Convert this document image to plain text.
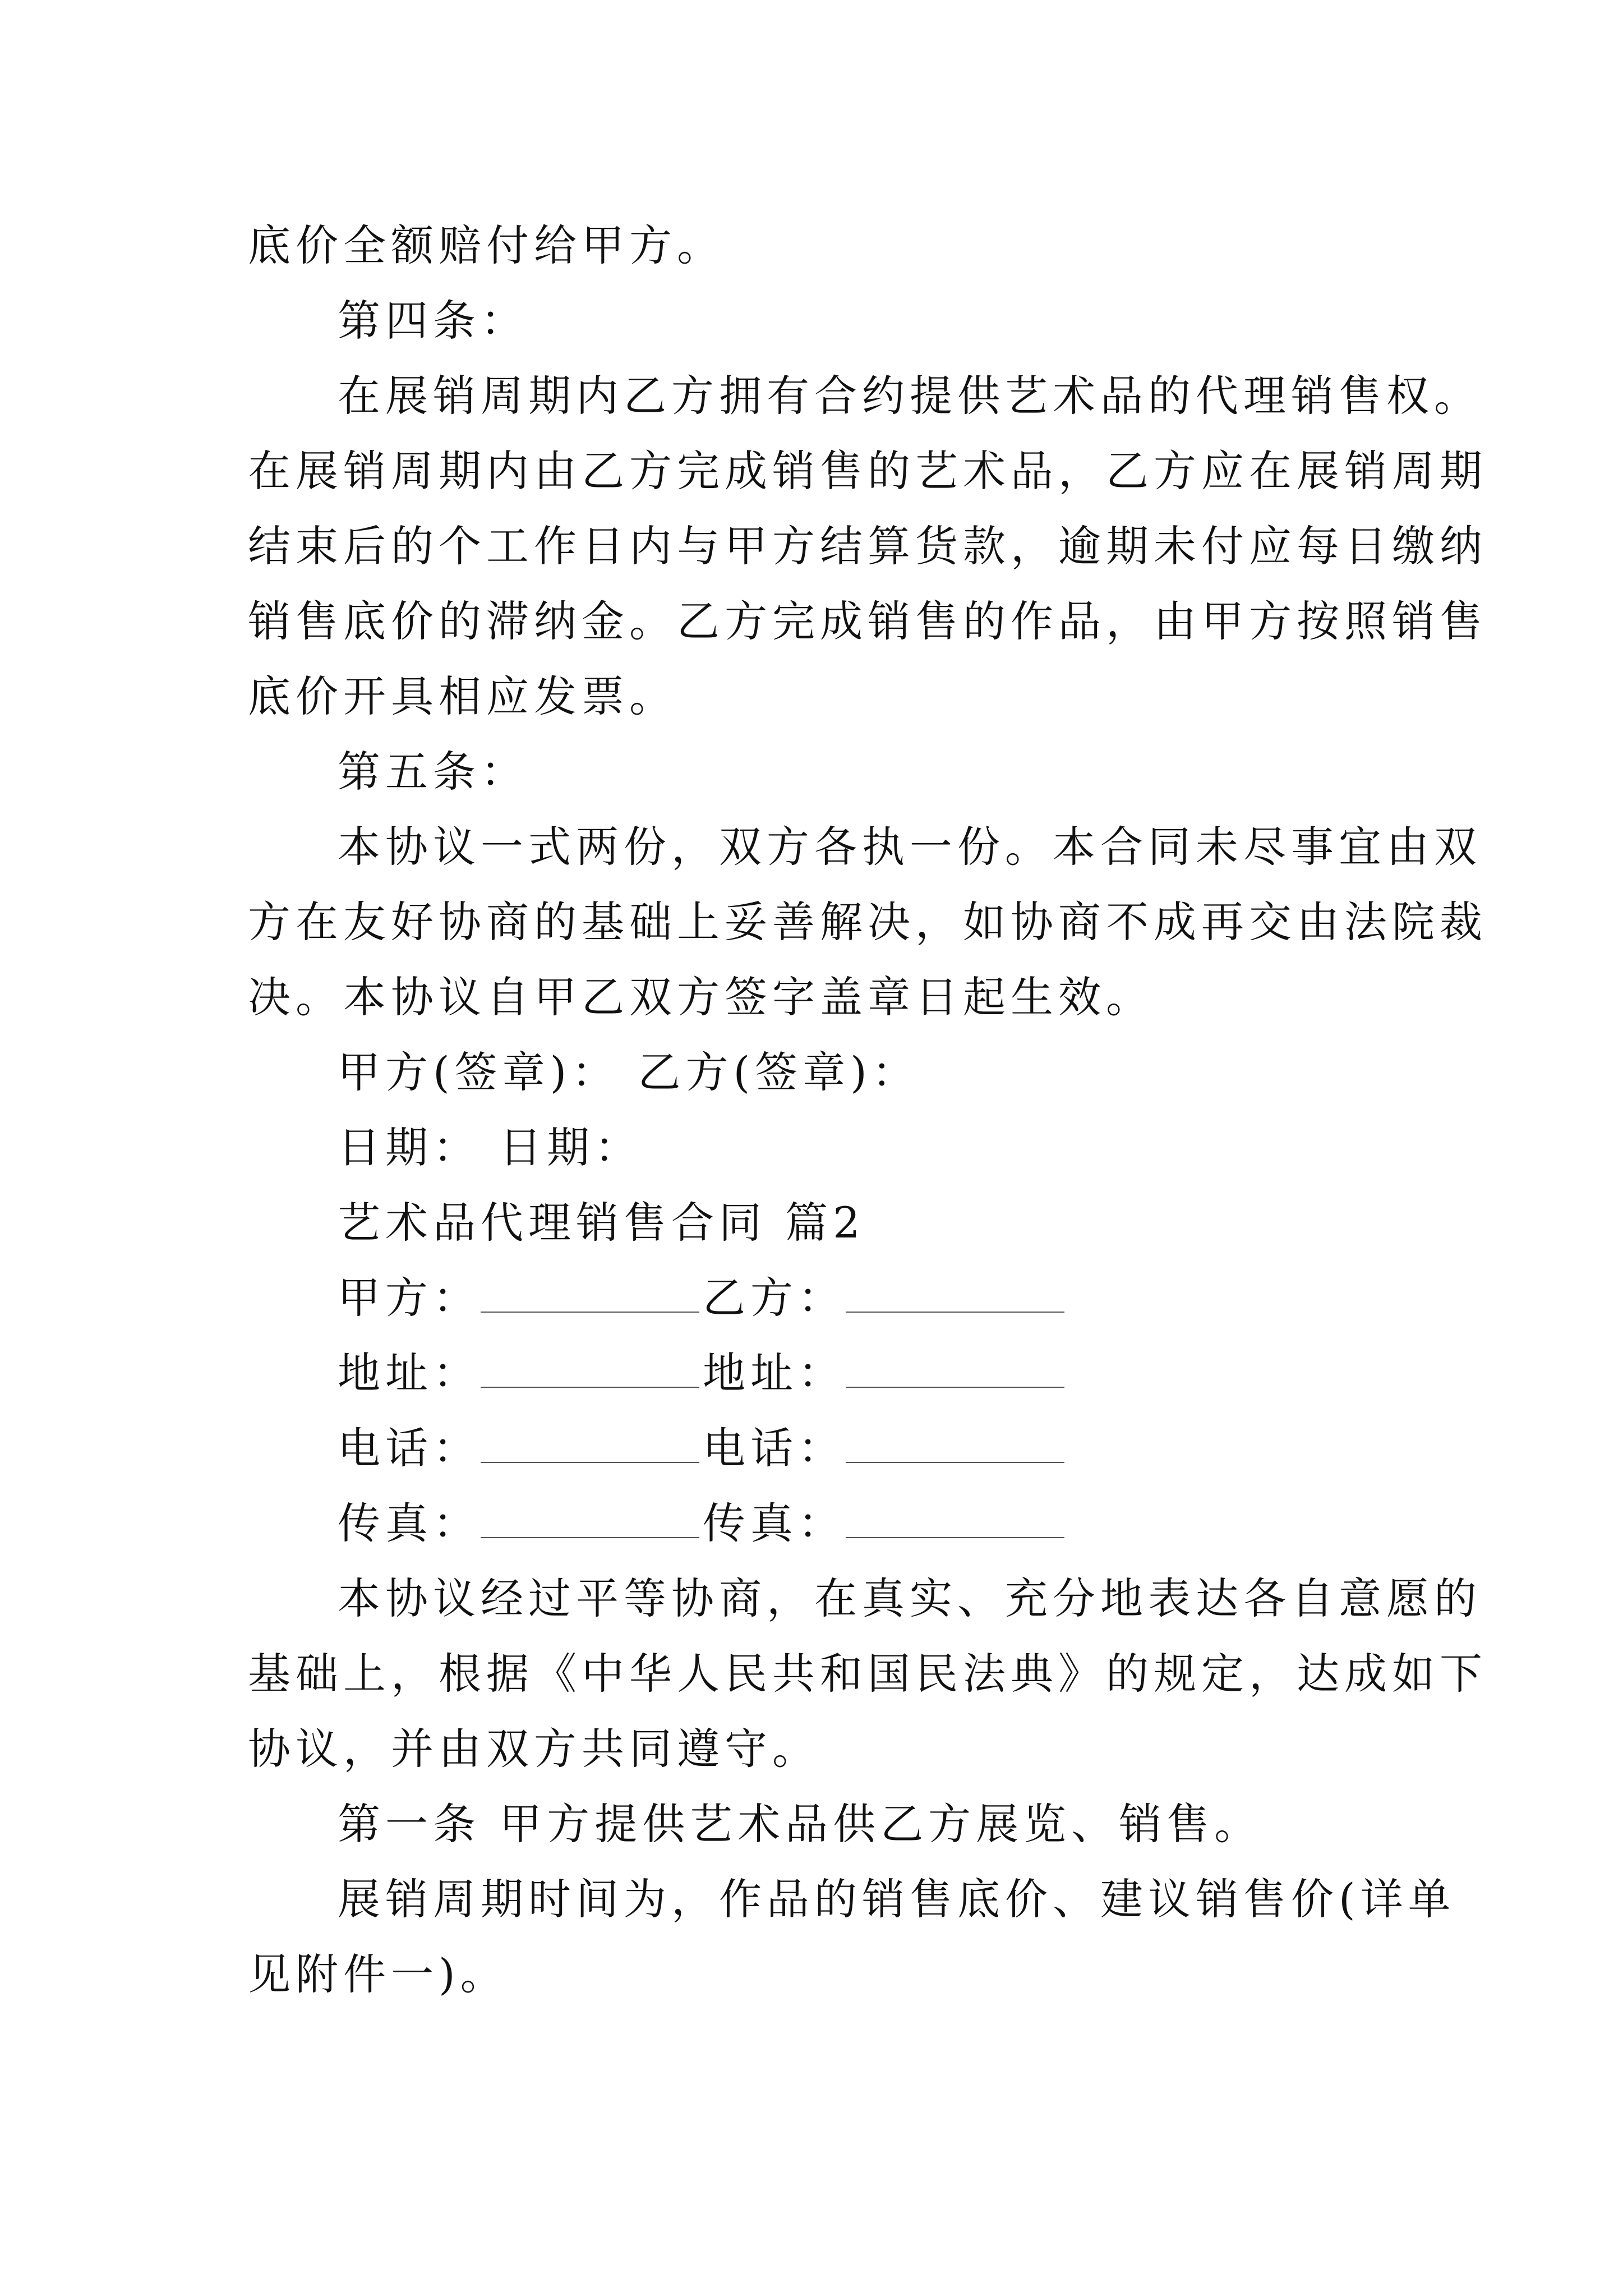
底价全额赔付给甲方。
第四条：
在展销周期内乙方拥有合约提供艺术品的代理销售权。
在展销周期内由乙方完成销售的艺术品，乙方应在展销周期
结束后的个工作日内与甲方结算货款，逾期未付应每日缴纳
销售底价的滞纳金。乙方完成销售的作品，由甲方按照销售
底价开具相应发票。
第五条：
本协议一式两份，双方各执一份。本合同未尽事宜由双
方在友好协商的基础上妥善解决，如协商不成再交由法院裁
决。本协议自甲乙双方签字盖章日起生效。
甲方(签章)： 乙方(签章)：
日期： 日期：
艺术品代理销售合同 篇2
甲方：	乙方：
地址：	地址：
电话：	电话：
传真：	传真：
本协议经过平等协商，在真实、充分地表达各自意愿的
基础上，根据《中华人民共和国民法典》的规定，达成如下
协议，并由双方共同遵守。
第一条 甲方提供艺术品供乙方展览、销售。
展销周期时间为，作品的销售底价、建议销售价(详单
见附件一)。
